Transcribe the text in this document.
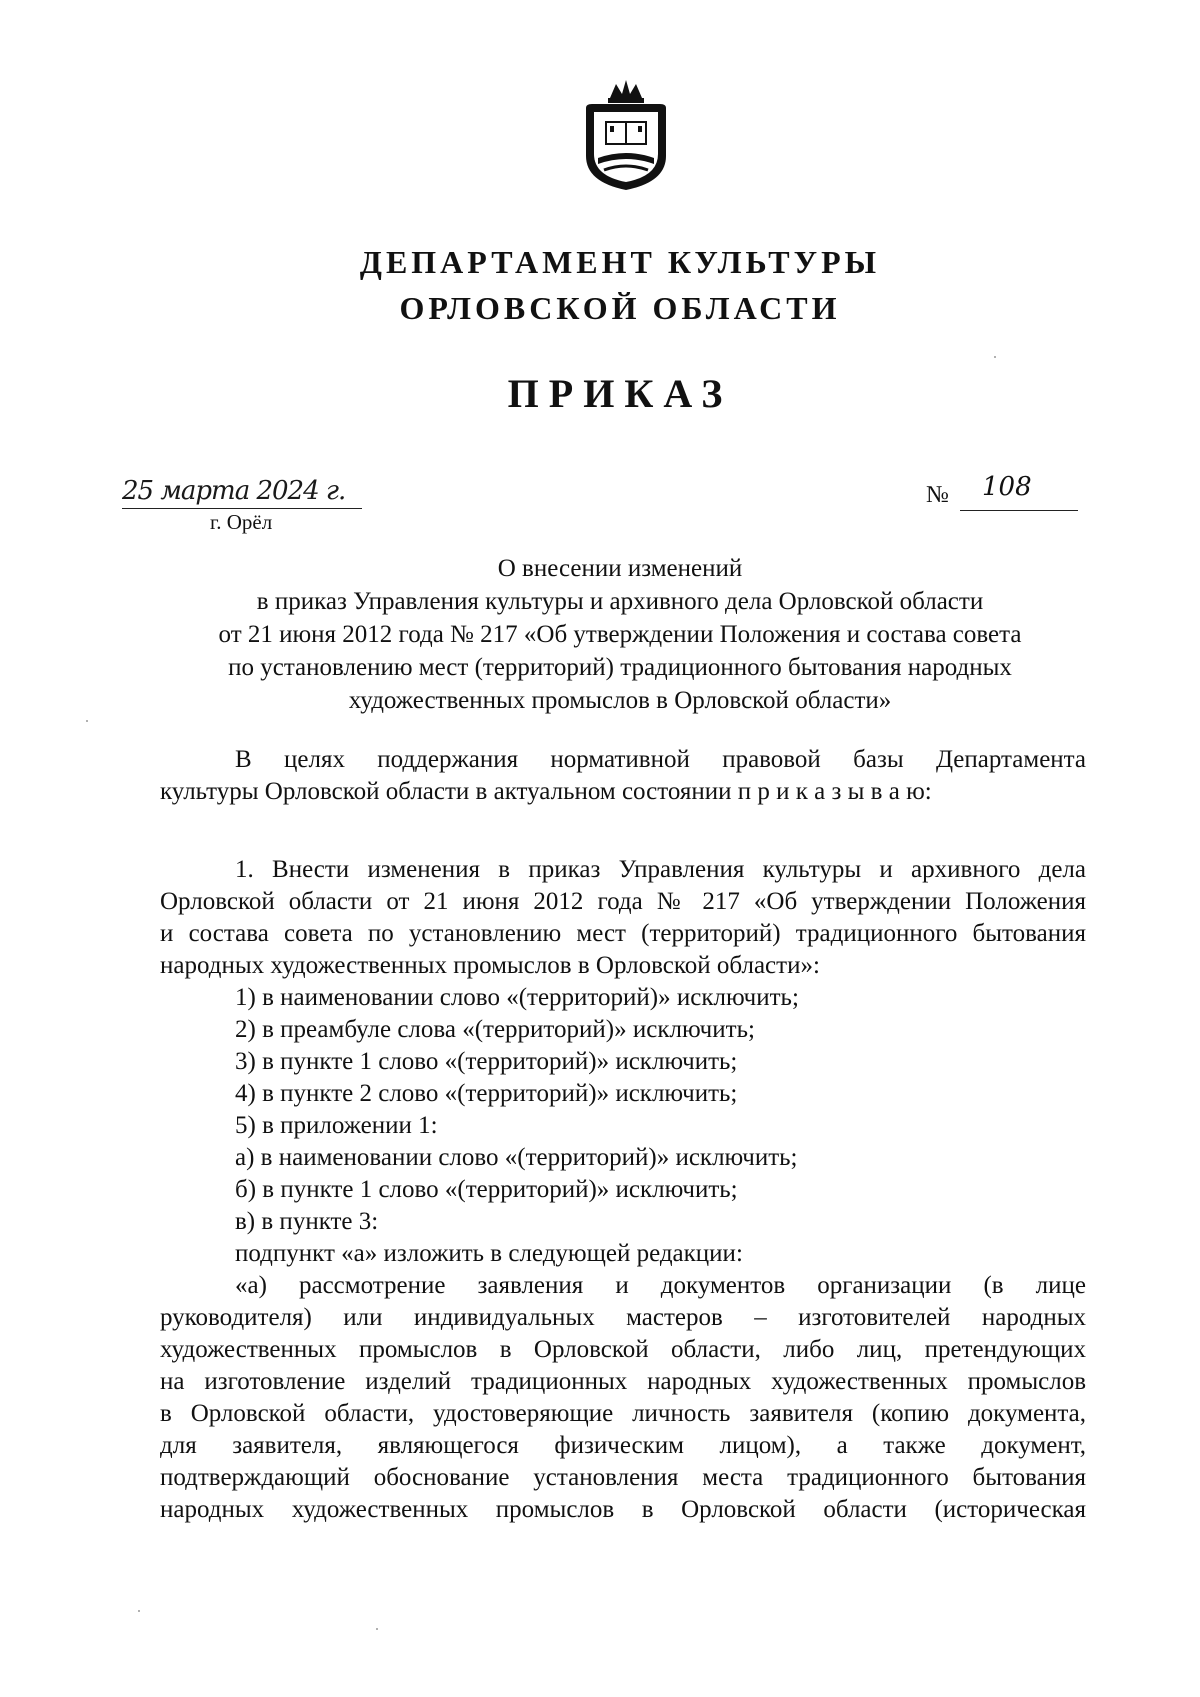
ДЕПАРТАМЕНТ КУЛЬТУРЫ
ОРЛОВСКОЙ ОБЛАСТИ
ПРИКАЗ
25 марта 2024 г.
г. Орёл
№ 108
О внесении изменений
в приказ Управления культуры и архивного дела Орловской области
от 21 июня 2012 года № 217 «Об утверждении Положения и состава совета
по установлению мест (территорий) традиционного бытования народных
художественных промыслов в Орловской области»
В целях поддержания нормативной правовой базы Департамента
культуры Орловской области в актуальном состоянии п р и к а з ы в а ю:
1. Внести изменения в приказ Управления культуры и архивного дела
Орловской области от 21 июня 2012 года № 217 «Об утверждении Положения
и состава совета по установлению мест (территорий) традиционного бытования
народных художественных промыслов в Орловской области»:
1) в наименовании слово «(территорий)» исключить;
2) в преамбуле слова «(территорий)» исключить;
3) в пункте 1 слово «(территорий)» исключить;
4) в пункте 2 слово «(территорий)» исключить;
5) в приложении 1:
а) в наименовании слово «(территорий)» исключить;
б) в пункте 1 слово «(территорий)» исключить;
в) в пункте 3:
подпункт «а» изложить в следующей редакции:
«а) рассмотрение заявления и документов организации (в лице
руководителя) или индивидуальных мастеров – изготовителей народных
художественных промыслов в Орловской области, либо лиц, претендующих
на изготовление изделий традиционных народных художественных промыслов
в Орловской области, удостоверяющие личность заявителя (копию документа,
для заявителя, являющегося физическим лицом), а также документ,
подтверждающий обоснование установления места традиционного бытования
народных художественных промыслов в Орловской области (историческая
